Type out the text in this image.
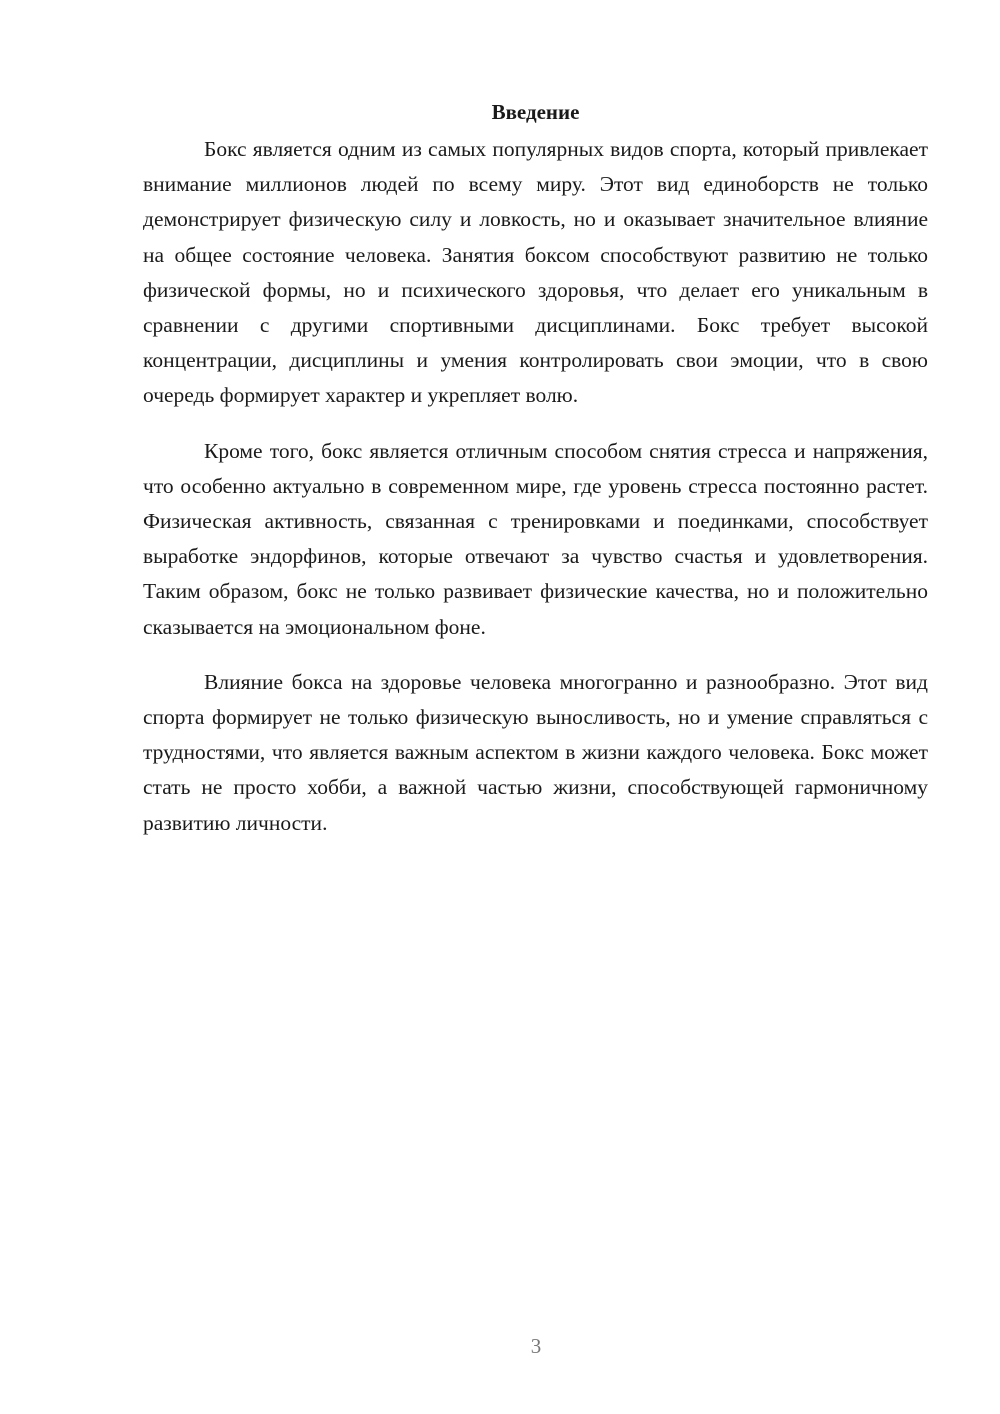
Введение

Бокс является одним из самых популярных видов спорта, который привлекает внимание миллионов людей по всему миру. Этот вид единоборств не только демонстрирует физическую силу и ловкость, но и оказывает значительное влияние на общее состояние человека. Занятия боксом способствуют развитию не только физической формы, но и психического здоровья, что делает его уникальным в сравнении с другими спортивными дисциплинами. Бокс требует высокой концентрации, дисциплины и умения контролировать свои эмоции, что в свою очередь формирует характер и укрепляет волю.

Кроме того, бокс является отличным способом снятия стресса и напряжения, что особенно актуально в современном мире, где уровень стресса постоянно растет. Физическая активность, связанная с тренировками и поединками, способствует выработке эндорфинов, которые отвечают за чувство счастья и удовлетворения. Таким образом, бокс не только развивает физические качества, но и положительно сказывается на эмоциональном фоне.

Влияние бокса на здоровье человека многогранно и разнообразно. Этот вид спорта формирует не только физическую выносливость, но и умение справляться с трудностями, что является важным аспектом в жизни каждого человека. Бокс может стать не просто хобби, а важной частью жизни, способствующей гармоничному развитию личности.

3
